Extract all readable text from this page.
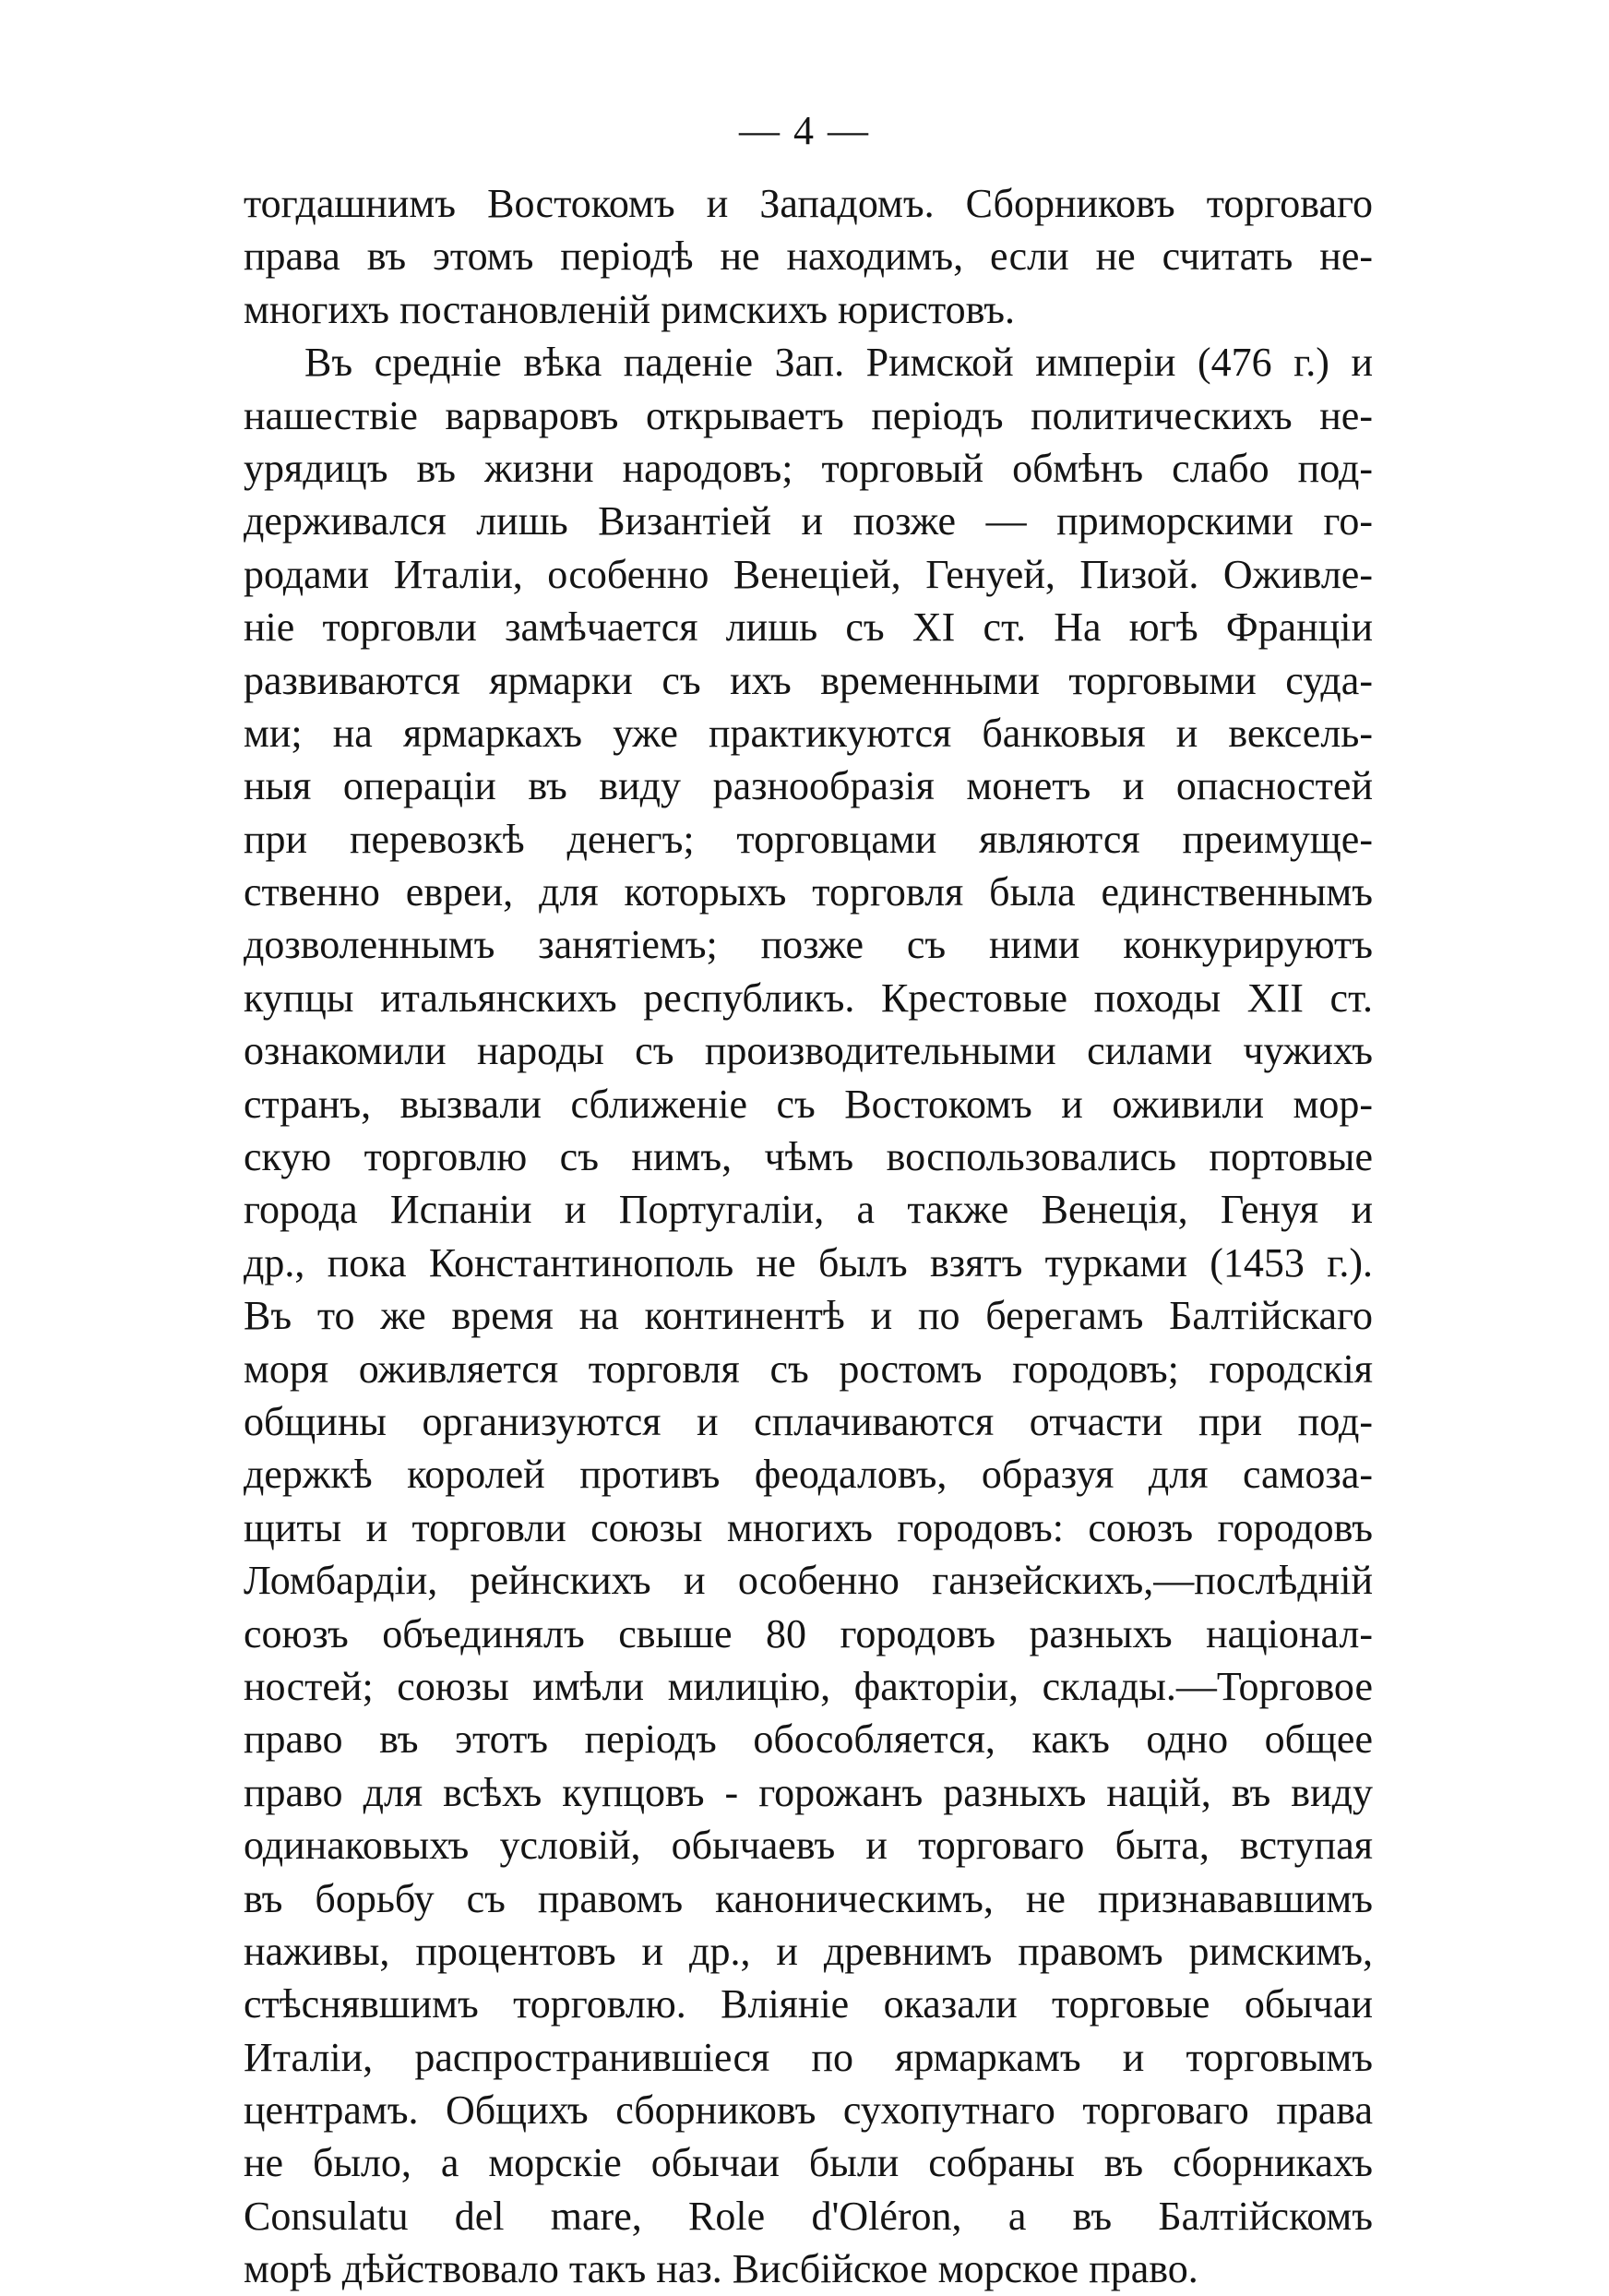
— 4 —
тогдашнимъ Востокомъ и Западомъ. Сборниковъ торговаго
права въ этомъ періодѣ не находимъ, если не считать не-
многихъ постановленій римскихъ юристовъ.
Въ средніе вѣка паденіе Зап. Римской имперіи (476 г.) и
нашествіе варваровъ открываетъ періодъ политическихъ не-
урядицъ въ жизни народовъ; торговый обмѣнъ слабо под-
держивался лишь Византіей и позже — приморскими го-
родами Италіи, особенно Венеціей, Генуей, Пизой. Оживле-
ніе торговли замѣчается лишь съ XI ст. На югѣ Франціи
развиваются ярмарки съ ихъ временными торговыми суда-
ми; на ярмаркахъ уже практикуются банковыя и вексель-
ныя операціи въ виду разнообразія монетъ и опасностей
при перевозкѣ денегъ; торговцами являются преимуще-
ственно евреи, для которыхъ торговля была единственнымъ
дозволеннымъ занятіемъ; позже съ ними конкурируютъ
купцы итальянскихъ республикъ. Крестовые походы XII ст.
ознакомили народы съ производительными силами чужихъ
странъ, вызвали сближеніе съ Востокомъ и оживили мор-
скую торговлю съ нимъ, чѣмъ воспользовались портовые
города Испаніи и Португаліи, а также Венеція, Генуя и
др., пока Константинополь не былъ взятъ турками (1453 г.).
Въ то же время на континентѣ и по берегамъ Балтійскаго
моря оживляется торговля съ ростомъ городовъ; городскія
общины организуются и сплачиваются отчасти при под-
держкѣ королей противъ феодаловъ, образуя для самоза-
щиты и торговли союзы многихъ городовъ: союзъ городовъ
Ломбардіи, рейнскихъ и особенно ганзейскихъ,—послѣдній
союзъ объединялъ свыше 80 городовъ разныхъ націонал-
ностей; союзы имѣли милицію, факторіи, склады.—Торговое
право въ этотъ періодъ обособляется, какъ одно общее
право для всѣхъ купцовъ - горожанъ разныхъ націй, въ виду
одинаковыхъ условій, обычаевъ и торговаго быта, вступая
въ борьбу съ правомъ каноническимъ, не признававшимъ
наживы, процентовъ и др., и древнимъ правомъ римскимъ,
стѣснявшимъ торговлю. Вліяніе оказали торговые обычаи
Италіи, распространившіеся по ярмаркамъ и торговымъ
центрамъ. Общихъ сборниковъ сухопутнаго торговаго права
не было, а морскіе обычаи были собраны въ сборникахъ
Consulatu del mare, Role d'Oléron, а въ Балтійскомъ
морѣ дѣйствовало такъ наз. Висбійское морское право.
